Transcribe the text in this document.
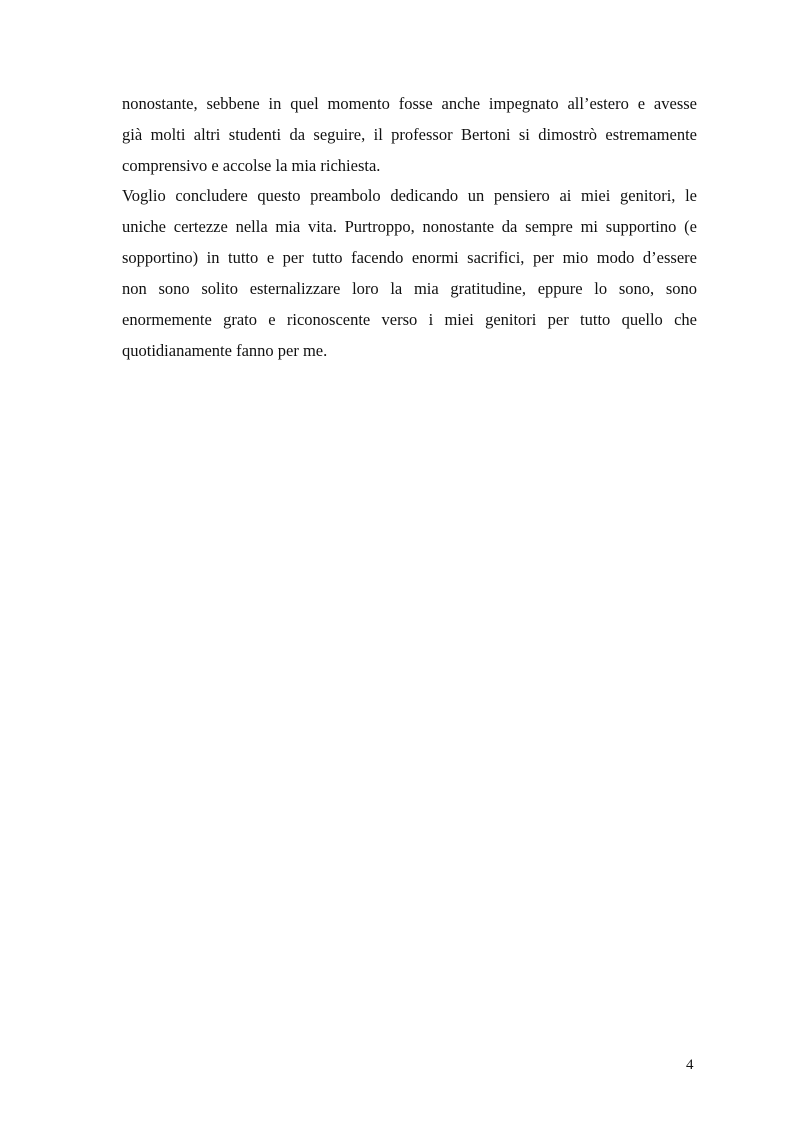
nonostante, sebbene in quel momento fosse anche impegnato all’estero e avesse
già molti altri studenti da seguire, il professor Bertoni si dimostrò estremamente
comprensivo e accolse la mia richiesta.
Voglio concludere questo preambolo dedicando un pensiero ai miei genitori, le
uniche certezze nella mia vita. Purtroppo, nonostante da sempre mi supportino (e
sopportino) in tutto e per tutto facendo enormi sacrifici, per mio modo d’essere
non sono solito esternalizzare loro la mia gratitudine, eppure lo sono, sono
enormemente grato e riconoscente verso i miei genitori per tutto quello che
quotidianamente fanno per me.
4
